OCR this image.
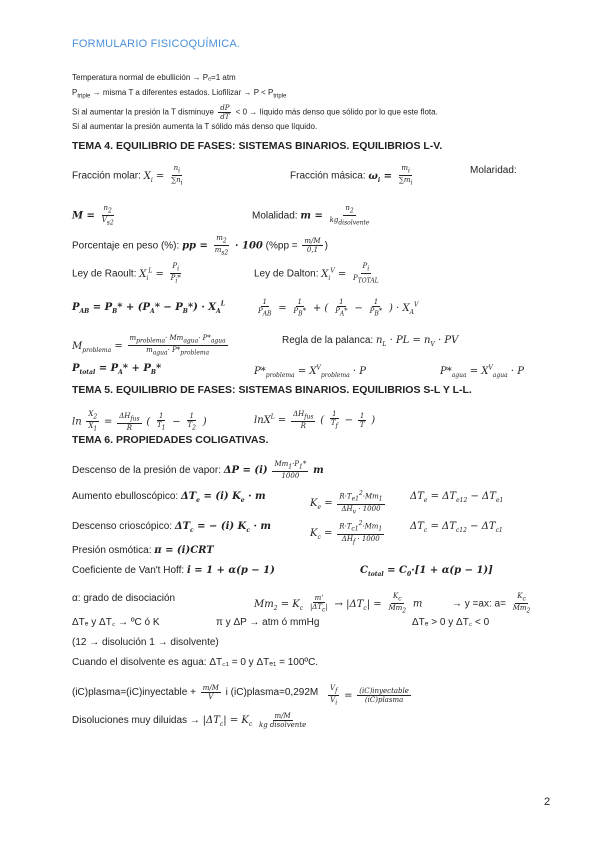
FORMULARIO FISICOQUÍMICA.
Temperatura normal de ebullición → Pₑ=1 atm
$P_{triple}$ → misma T a diferentes estados. Liofilizar → $P < P_{triple}$
Si al aumentar la presión la T disminuye $\frac{dP}{dT} < 0$ → líquido más denso que sólido por lo que este flota.
Si al aumentar la presión aumenta la T sólido más denso que líquido.
TEMA 4. EQUILIBRIO DE FASES: SISTEMAS BINARIOS. EQUILIBRIOS L-V.
Fracción molar: $X_i = \frac{n_i}{\sum n_i}$	Fracción másica: $\omega_i = \frac{m_i}{\sum m_i}$	Molaridad:
$M = \frac{n_2}{V_{s2}}$	Molalidad: $m = \frac{n_2}{kg_{disolvente}}$
Porcentaje en peso (%): pp = $\frac{m_2}{m_{s2}} \cdot 100$ ($\%pp = \frac{m/M}{0,1}$ )
Ley de Raoult: $X_i^L = \frac{P_i}{P_i*}$	Ley de Dalton: $X_i^V = \frac{P_i}{P_{TOTAL}}$
$P_{AB} = P_B* + (P_A* - P_B*) \cdot X_A^L$	$\frac{1}{P_{AB}} = \frac{1}{P_B*}$ + ( $\frac{1}{P_A*} - \frac{1}{P_B*}$ ) · $X_A^V$
$M_{problema} = \frac{m_{problema}\cdot Mm_{agua}\cdot P*_{agua}}{m_{agua}\cdot P*_{problema}}$	Regla de la palanca: $n_L$ · PL = $n_V$ · PV
$P_{total} = P_A* + P_B*$	$P*_{problema} = X^V_{problema} \cdot P$	$P*_{agua} = X^V_{agua} \cdot P$
TEMA 5. EQUILIBRIO DE FASES: SISTEMAS BINARIOS. EQUILIBRIOS S-L Y L-L.
$\ln \frac{X_2}{X_1} = \frac{\Delta H_{fus}}{R}$ ( $\frac{1}{T_1} - \frac{1}{T_2}$ )	$\ln X^L = \frac{\Delta H_{fus}}{R}$ ( $\frac{1}{T_f} - \frac{1}{T}$ )
TEMA 6. PROPIEDADES COLIGATIVAS.
Descenso de la presión de vapor: $\Delta P = (i) \frac{Mm_1\cdot P_1*}{1000}$ m
Aumento ebulloscópico: $\Delta T_e = (i) K_e \cdot m$
$K_e = \frac{R\cdot T_{e1}^2\cdot Mm_1}{\Delta H_v \cdot 1000}$	$\Delta T_e = \Delta T_{e12} - \Delta T_{e1}$
Descenso crioscópico: $\Delta T_c$ = − (i) $K_c \cdot m$
$K_c = \frac{R\cdot T_{c1}^2\cdot Mm_1}{\Delta H_f \cdot 1000}$	$\Delta T_c = \Delta T_{c12} - \Delta T_{c1}$
Presión osmótica: π = (i)CRT
Coeficiente de Van't Hoff: i = 1 + α(p − 1)	$C_{total} = C_0\cdot[1 + \alpha(p - 1)]$
α: grado de disociación
$Mm_2 = K_c \frac{m'}{|\Delta T_c|} \to |\Delta T_c| = \frac{K_c}{Mm_2}$ m	→ y =ax: $a= \frac{K_c}{Mm_2}$
ΔTₑ y ΔT꜀ → ºC ó K	π y ΔP → atm ó mmHg	ΔTₑ > 0 y ΔT꜀ < 0
(12 → disolución 1 → disolvente)
Cuando el disolvente es agua: ΔT꜀₁ = 0 y ΔTₑ₁ = 100ºC.
(iC)plasma=(iC)inyectable + $\frac{m/M}{V}$ i (iC)plasma=0,292M $\frac{V_f}{V_i} = \frac{\text{(iC)inyectable}}{\text{(iC)plasma}}$
Disoluciones muy diluidas → $|\Delta T_c| = K_c \frac{m/M}{\text{kg disolvente}}$
2
